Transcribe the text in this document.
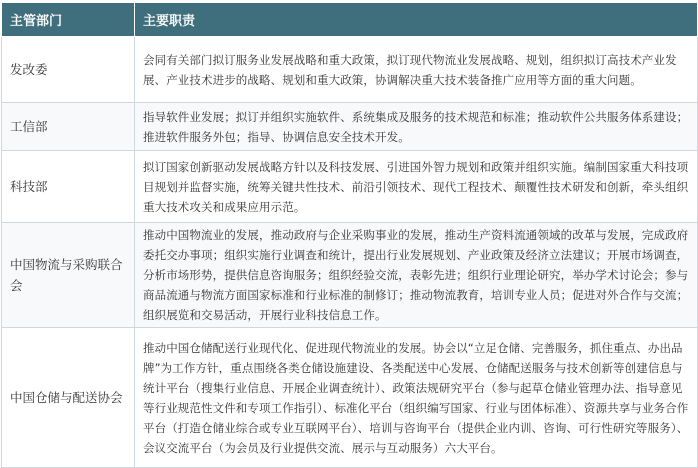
主管部门	主要职责
发改委	会同有关部门拟订服务业发展战略和重大政策，拟订现代物流业发展战略、规划，组织拟订高技术产业发展、产业技术进步的战略、规划和重大政策，协调解决重大技术装备推广应用等方面的重大问题。
工信部	指导软件业发展；拟订并组织实施软件、系统集成及服务的技术规范和标准；推动软件公共服务体系建设；推进软件服务外包；指导、协调信息安全技术开发。
科技部	拟订国家创新驱动发展战略方针以及科技发展、引进国外智力规划和政策并组织实施。编制国家重大科技项目规划并监督实施，统筹关键共性技术、前沿引领技术、现代工程技术、颠覆性技术研发和创新，牵头组织重大技术攻关和成果应用示范。
中国物流与采购联合会	推动中国物流业的发展，推动政府与企业采购事业的发展，推动生产资料流通领域的改革与发展，完成政府委托交办事项；组织实施行业调查和统计，提出行业发展规划、产业政策及经济立法建议；开展市场调查，分析市场形势，提供信息咨询服务；组织经验交流，表彰先进；组织行业理论研究，举办学术讨论会；参与商品流通与物流方面国家标准和行业标准的制修订；推动物流教育，培训专业人员；促进对外合作与交流；组织展览和交易活动，开展行业科技信息工作。
中国仓储与配送协会	推动中国仓储配送行业现代化、促进现代物流业的发展。协会以“立足仓储、完善服务，抓住重点、办出品牌”为工作方针，重点围绕各类仓储设施建设、各类配送中心发展、仓储配送服务与技术创新等创建信息与统计平台（搜集行业信息、开展企业调查统计）、政策法规研究平台（参与起草仓储业管理办法、指导意见等行业规范性文件和专项工作指引）、标准化平台（组织编写国家、行业与团体标准）、资源共享与业务合作平台（打造仓储业综合或专业互联网平台）、培训与咨询平台（提供企业内训、咨询、可行性研究等服务）、会议交流平台（为会员及行业提供交流、展示与互动服务）六大平台。
